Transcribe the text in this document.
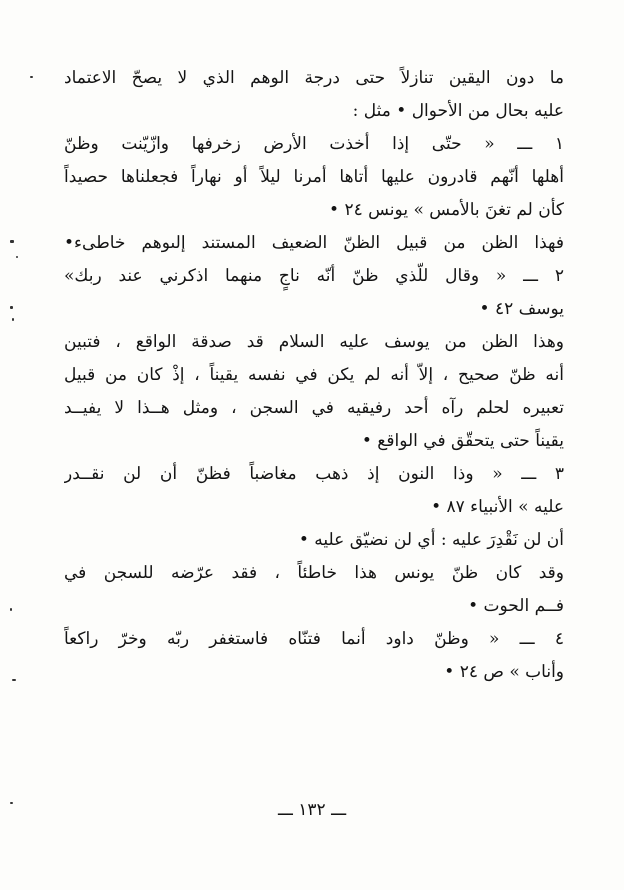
ما دون اليقين تنازلاً حتى درجة الوهم الذي لا يصحّ الاعتماد
عليه بحال من الأحوال • مثل :
١ ـــ « حتّى إذا أخذت الأرض زخرفها وازّيّنت وظنّ
أهلها أنّهم قادرون عليها أتاها أمرنا ليلاً أو نهاراً فجعلناها حصيداً
كأن لم تغنَ بالأمس » يونس ٢٤ •
فهذا الظن من قبيل الظنّ الضعيف المستند إلىوهم خاطىء•
٢ ـــ « وقال للّذي ظنّ أنّه ناجٍ منهما اذكرني عند ربك»
يوسف ٤٢ •
وهذا الظن من يوسف عليه السلام قد صدقة الواقع ، فتبين
أنه ظنّ صحيح ، إلاّ أنه لم يكن في نفسه يقيناً ، إذْ كان من قبيل
تعبيره لحلم رآه أحد رفيقيه في السجن ، ومثل هــذا لا يفيــد
يقيناً حتى يتحقّق في الواقع •
٣ ـــ « وذا النون إذ ذهب مغاضباً فظنّ أن لن نقــدر
عليه » الأنبياء ٨٧ •
أن لن نَقْدِرَ عليه : أي لن نضيّق عليه •
وقد كان ظنّ يونس هذا خاطئاً ، فقد عرّضه للسجن في
فــم الحوت •
٤ ـــ « وظنّ داود أنما فتنّاه فاستغفر ربّه وخرّ راكعاً
وأناب » ص ٢٤ •
ـــ ١٣٢ ـــ
